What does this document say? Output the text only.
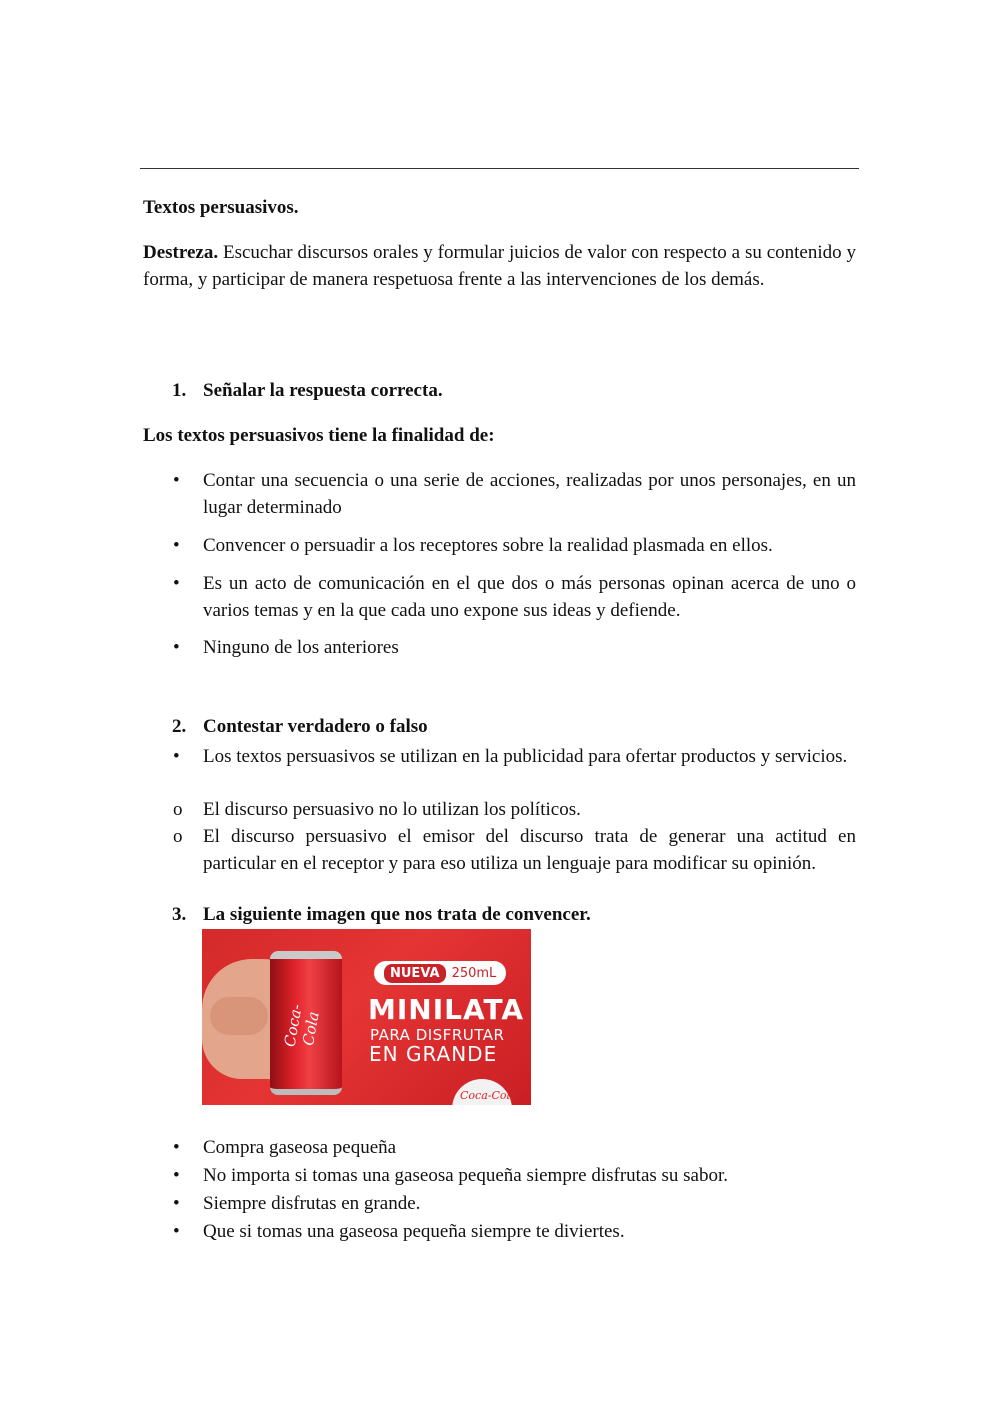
Textos persuasivos.
Destreza. Escuchar discursos orales y formular juicios de valor con respecto a su contenido y forma, y participar de manera respetuosa frente a las intervenciones de los demás.
1. Señalar la respuesta correcta.
Los textos persuasivos tiene la finalidad de:
•	Contar una secuencia o una serie de acciones, realizadas por unos personajes, en un lugar determinado
•	Convencer o persuadir a los receptores sobre la realidad plasmada en ellos.
•	Es un acto de comunicación en el que dos o más personas opinan acerca de uno o varios temas y en la que cada uno expone sus ideas y defiende.
•	Ninguno de los anteriores
2. Contestar verdadero o falso
•	Los textos persuasivos se utilizan en la publicidad para ofertar productos y servicios.
o	El discurso persuasivo no lo utilizan los políticos.
o	El discurso persuasivo el emisor del discurso trata de generar una actitud en particular en el receptor y para eso utiliza un lenguaje para modificar su opinión.
3. La siguiente imagen que nos trata de convencer.
Coca-Cola
NUEVA 250mL
MINILATA
PARA DISFRUTAR
EN GRANDE
Coca-Cola
•	Compra gaseosa pequeña
•	No importa si tomas una gaseosa pequeña siempre disfrutas su sabor.
•	Siempre disfrutas en grande.
•	Que si tomas una gaseosa pequeña siempre te diviertes.
